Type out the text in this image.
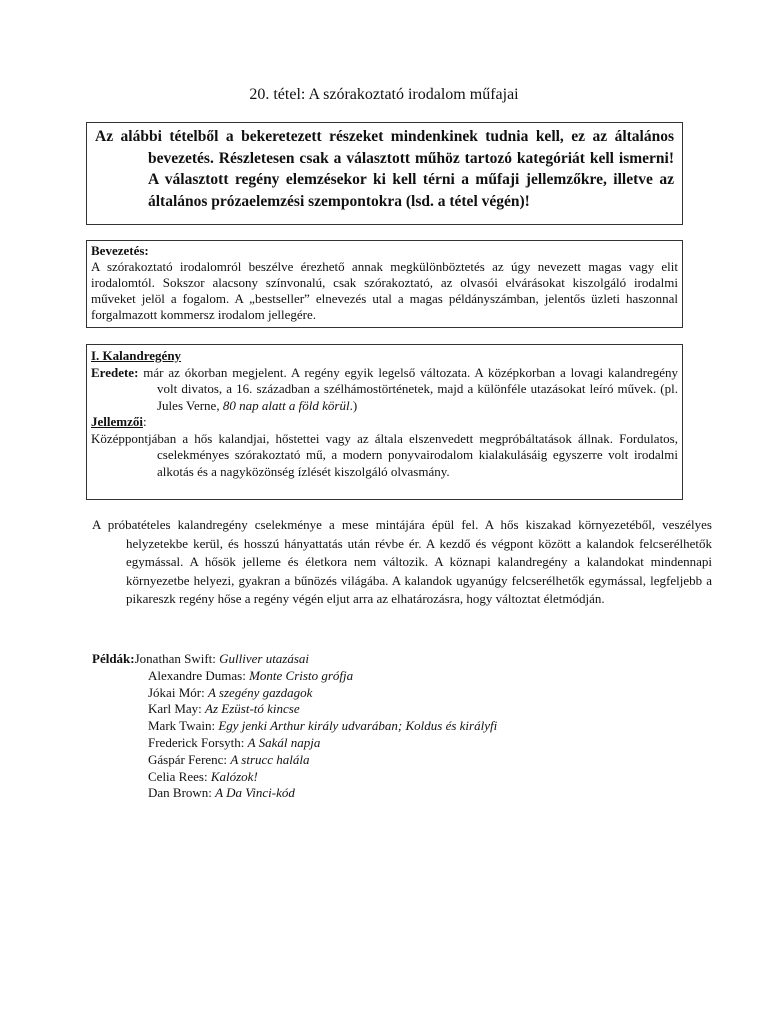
20. tétel: A szórakoztató irodalom műfajai

Az alábbi tételből a bekeretezett részeket mindenkinek tudnia kell, ez az általános bevezetés. Részletesen csak a választott műhöz tartozó kategóriát kell ismerni! A választott regény elemzésekor ki kell térni a műfaji jellemzőkre, illetve az általános prózaelemzési szempontokra (lsd. a tétel végén)!

Bevezetés:
A szórakoztató irodalomról beszélve érezhető annak megkülönböztetés az úgy nevezett magas vagy elit irodalomtól. Sokszor alacsony színvonalú, csak szórakoztató, az olvasói elvárásokat kiszolgáló irodalmi műveket jelöl a fogalom. A „bestseller” elnevezés utal a magas példányszámban, jelentős üzleti haszonnal forgalmazott kommersz irodalom jellegére.

I. Kalandregény

Eredete: már az ókorban megjelent. A regény egyik legelső változata. A középkorban a lovagi kalandregény volt divatos, a 16. században a szélhámostörténetek, majd a különféle utazásokat leíró művek. (pl. Jules Verne, 80 nap alatt a föld körül.)

Jellemzői:

Középpontjában a hős kalandjai, hőstettei vagy az általa elszenvedett megpróbáltatások állnak. Fordulatos, cselekményes szórakoztató mű, a modern ponyvairodalom kialakulásáig egyszerre volt irodalmi alkotás és a nagyközönség ízlését kiszolgáló olvasmány.

A próbatételes kalandregény cselekménye a mese mintájára épül fel. A hős kiszakad környezetéből, veszélyes helyzetekbe kerül, és hosszú hányattatás után révbe ér. A kezdő és végpont között a kalandok felcserélhetők egymással. A hősök jelleme és életkora nem változik. A köznapi kalandregény a kalandokat mindennapi környezetbe helyezi, gyakran a bűnözés világába. A kalandok ugyanúgy felcserélhetők egymással, legfeljebb a pikareszk regény hőse a regény végén eljut arra az elhatározásra, hogy változtat életmódján.

Példák:Jonathan Swift: Gulliver utazásai

Alexandre Dumas: Monte Cristo grófja

Jókai Mór: A szegény gazdagok

Karl May: Az Ezüst-tó kincse

Mark Twain: Egy jenki Arthur király udvarában; Koldus és királyfi

Frederick Forsyth: A Sakál napja

Gáspár Ferenc: A strucc halála

Celia Rees: Kalózok!

Dan Brown: A Da Vinci-kód
